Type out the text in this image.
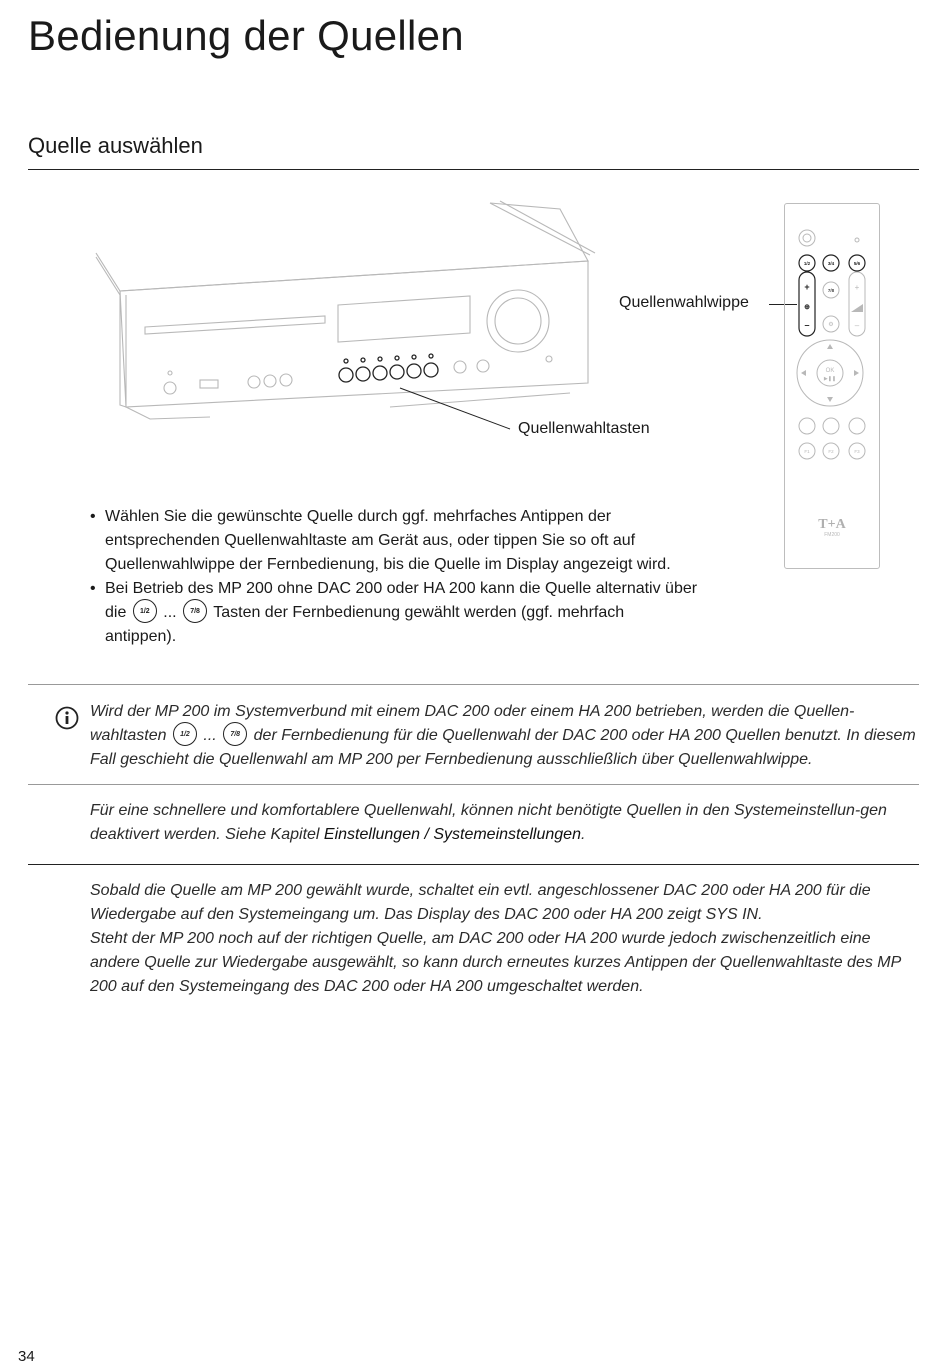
Bedienung der Quellen
Quelle auswählen
Quellenwahltasten
Quellenwahlwippe
1/2	3/4	5/6
7/8
+
–
⊕
+
–
OK
▶❚❚
F1	F2	F3
⚙
FM200
T+A
• Wählen Sie die gewünschte Quelle durch ggf. mehrfaches Antippen der entsprechenden Quellenwahltaste am Gerät aus, oder tippen Sie so oft auf Quellenwahlwippe der Fernbedienung, bis die Quelle im Display angezeigt wird.
• Bei Betrieb des MP 200 ohne DAC 200 oder HA 200 kann die Quelle alternativ über die 1/2 ... 7/8 Tasten der Fernbedienung gewählt werden (ggf. mehrfach antippen).
Wird der MP 200 im Systemverbund mit einem DAC 200 oder einem HA 200 betrieben, werden die Quellen-wahltasten 1/2 ... 7/8 der Fernbedienung für die Quellenwahl der DAC 200 oder HA 200 Quellen benutzt. In diesem Fall geschieht die Quellenwahl am MP 200 per Fernbedienung ausschließlich über Quellenwahlwippe.
Für eine schnellere und komfortablere Quellenwahl, können nicht benötigte Quellen in den Systemeinstellun-gen deaktivert werden. Siehe Kapitel Einstellungen / Systemeinstellungen.
Sobald die Quelle am MP 200 gewählt wurde, schaltet ein evtl. angeschlossener DAC 200 oder HA 200 für die Wiedergabe auf den Systemeingang um. Das Display des DAC 200 oder HA 200 zeigt SYS IN.
Steht der MP 200 noch auf der richtigen Quelle, am DAC 200 oder HA 200 wurde jedoch zwischenzeitlich eine andere Quelle zur Wiedergabe ausgewählt, so kann durch erneutes kurzes Antippen der Quellenwahltaste des MP 200 auf den Systemeingang des DAC 200 oder HA 200 umgeschaltet werden.
34
